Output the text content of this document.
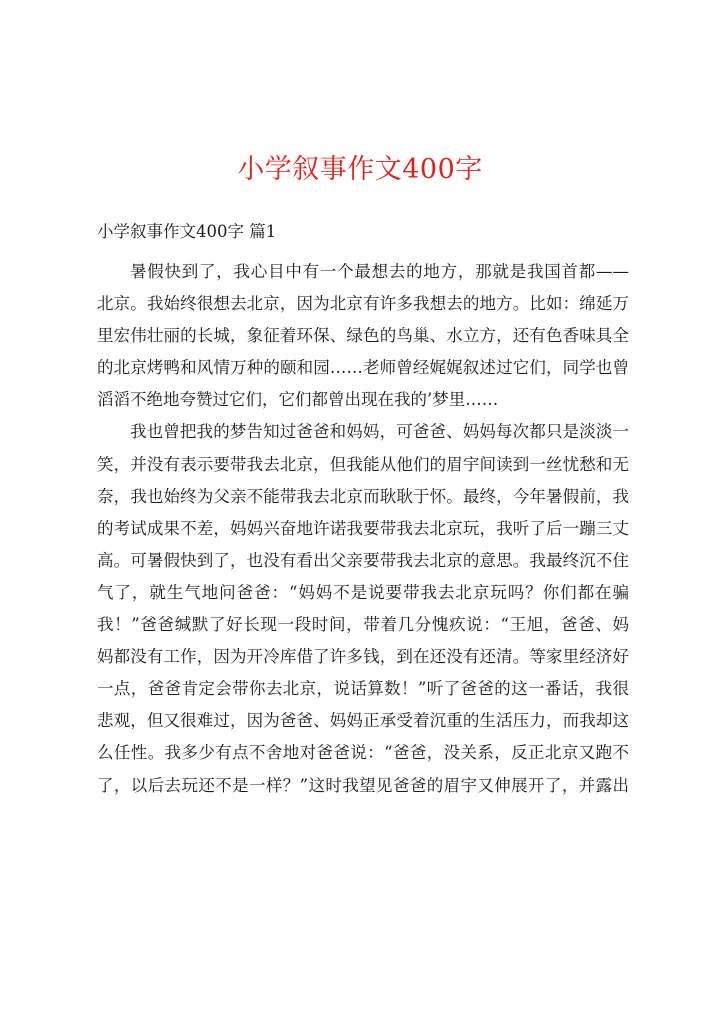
小学叙事作文400字
小学叙事作文400字 篇1
暑假快到了，我心目中有一个最想去的地方，那就是我国首都——
北京。我始终很想去北京，因为北京有许多我想去的地方。比如：绵延万
里宏伟壮丽的长城，象征着环保、绿色的鸟巢、水立方，还有色香味具全
的北京烤鸭和风情万种的颐和园……老师曾经娓娓叙述过它们，同学也曾
滔滔不绝地夸赞过它们，它们都曾出现在我的’梦里……
我也曾把我的梦告知过爸爸和妈妈，可爸爸、妈妈每次都只是淡淡一
笑，并没有表示要带我去北京，但我能从他们的眉宇间读到一丝忧愁和无
奈，我也始终为父亲不能带我去北京而耿耿于怀。最终，今年暑假前，我
的考试成果不差，妈妈兴奋地许诺我要带我去北京玩，我听了后一蹦三丈
高。可暑假快到了，也没有看出父亲要带我去北京的意思。我最终沉不住
气了，就生气地问爸爸：“妈妈不是说要带我去北京玩吗？你们都在骗
我！”爸爸缄默了好长现一段时间，带着几分愧疚说：“王旭，爸爸、妈
妈都没有工作，因为开冷库借了许多钱，到在还没有还清。等家里经济好
一点，爸爸肯定会带你去北京，说话算数！”听了爸爸的这一番话，我很
悲观，但又很难过，因为爸爸、妈妈正承受着沉重的生活压力，而我却这
么任性。我多少有点不舍地对爸爸说：“爸爸，没关系，反正北京又跑不
了，以后去玩还不是一样？”这时我望见爸爸的眉宇又伸展开了，并露出
